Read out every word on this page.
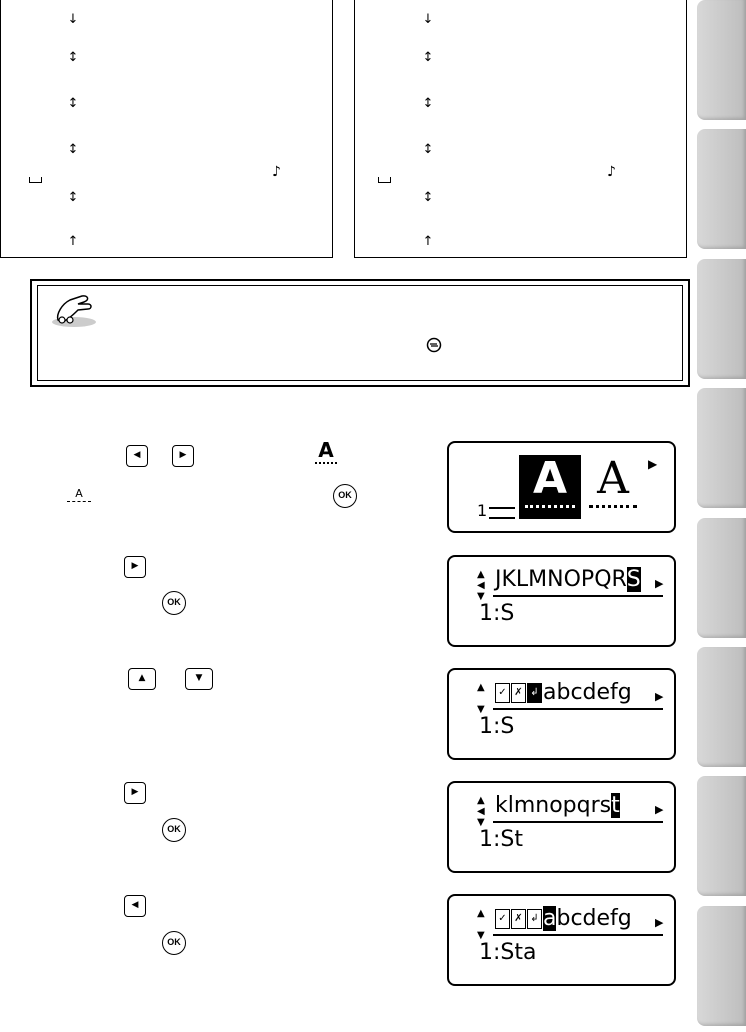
↓
↕
↕
↕
↕
↑
♪
↓
↕
↕
↕
↕
↑
♪
◀	▶	A
A	OK
▶
OK
▲	▼
▶
OK
◀
OK
1
A A	▶
▲
◀
▼
JKLMNOPQRS ▶
1:S
▲

▼
✓ ✗ ↲ abcdefg ▶
1:S
▲
◀
▼
klmnopqrst	▶
1:St
▲

▼
✓ ✗ ↲ abcdefg ▶
1:Sta
